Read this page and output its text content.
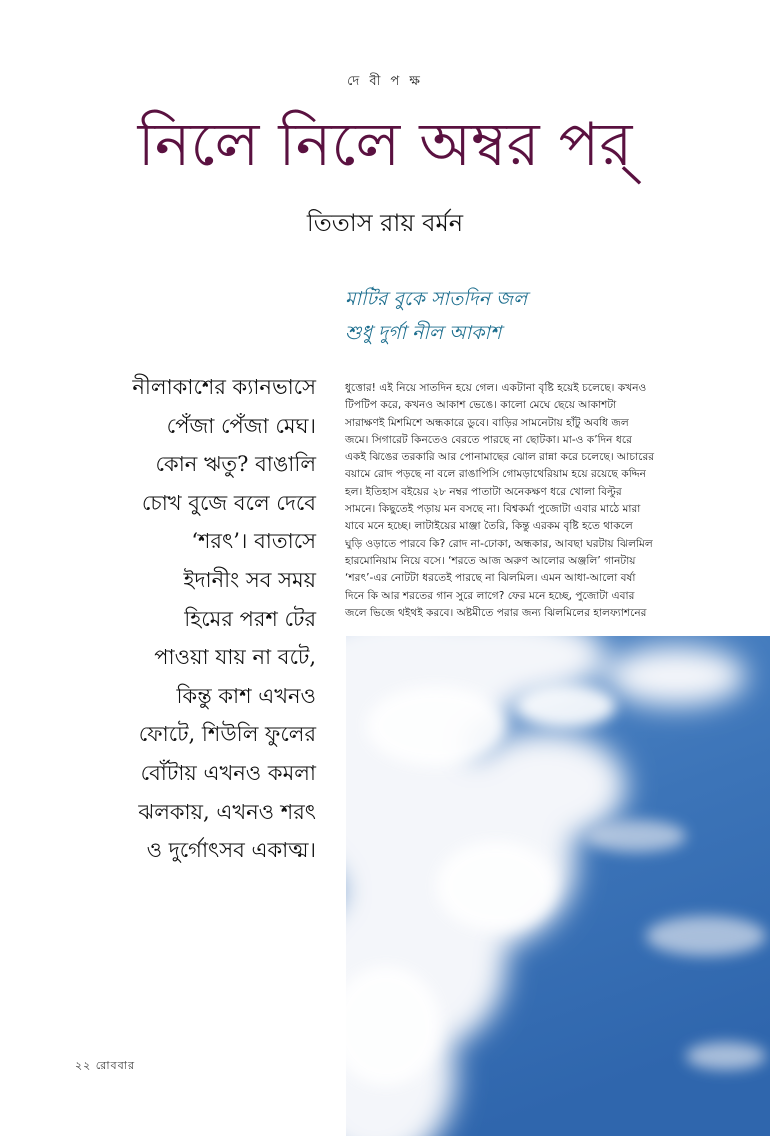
দে বী প ক্ষ
নিলে নিলে অম্বর পর্
তিতাস রায় বর্মন
মাটির বুকে সাতদিন জল
শুধু দুর্গা নীল আকাশ
নীলাকাশের ক্যানভাসে
পেঁজা পেঁজা মেঘ।
কোন ঋতু? বাঙালি
চোখ বুজে বলে দেবে
‘শরৎ’। বাতাসে
ইদানীং সব সময়
হিমের পরশ টের
পাওয়া যায় না বটে,
কিন্তু কাশ এখনও
ফোটে, শিউলি ফুলের
বোঁটায় এখনও কমলা
ঝলকায়, এখনও শরৎ
ও দুর্গোৎসব একাত্ম।
ধুত্তোর! এই নিয়ে সাতদিন হয়ে গেল। একটানা বৃষ্টি হয়েই চলেছে। কখনও
টিপটিপ করে, কখনও আকাশ ভেঙে। কালো মেঘে ছেয়ে আকাশটা
সারাক্ষণই মিশমিশে অন্ধকারে ডুবে। বাড়ির সামনেটায় হাঁটু অবধি জল
জমে। সিগারেট কিনতেও বেরতে পারছে না ছোটকা। মা-ও ক’দিন ধরে
একই ঝিঙের তরকারি আর পোনামাছের ঝোল রান্না করে চলেছে। আচারের
বয়ামে রোদ পড়ছে না বলে রাঙাপিসি গোমড়াথেরিয়াম হয়ে রয়েছে কদ্দিন
হল। ইতিহাস বইয়ের ২৮ নম্বর পাতাটা অনেকক্ষণ ধরে খোলা বিল্টুর
সামনে। কিছুতেই পড়ায় মন বসছে না। বিশ্বকর্মা পুজোটা এবার মাঠে মারা
যাবে মনে হচ্ছে। লাটাইয়ের মাঞ্জা তৈরি, কিন্তু এরকম বৃষ্টি হতে থাকলে
ঘুড়ি ওড়াতে পারবে কি? রোদ না-ঢোকা, অন্ধকার, আবছা ঘরটায় ঝিলমিল
হারমোনিয়াম নিয়ে বসে। ‘শরতে আজ অরুণ আলোর অঞ্জলি’ গানটায়
‘শরৎ’-এর নোটটা ধরতেই পারছে না ঝিলমিল। এমন আধা-আলো বর্ষা
দিনে কি আর শরতের গান সুরে লাগে? ফের মনে হচ্ছে, পুজোটা এবার
জলে ভিজে থইথই করবে। অষ্টমীতে পরার জন্য ঝিলমিলের হালফ্যাশনের
২২ রোববার
